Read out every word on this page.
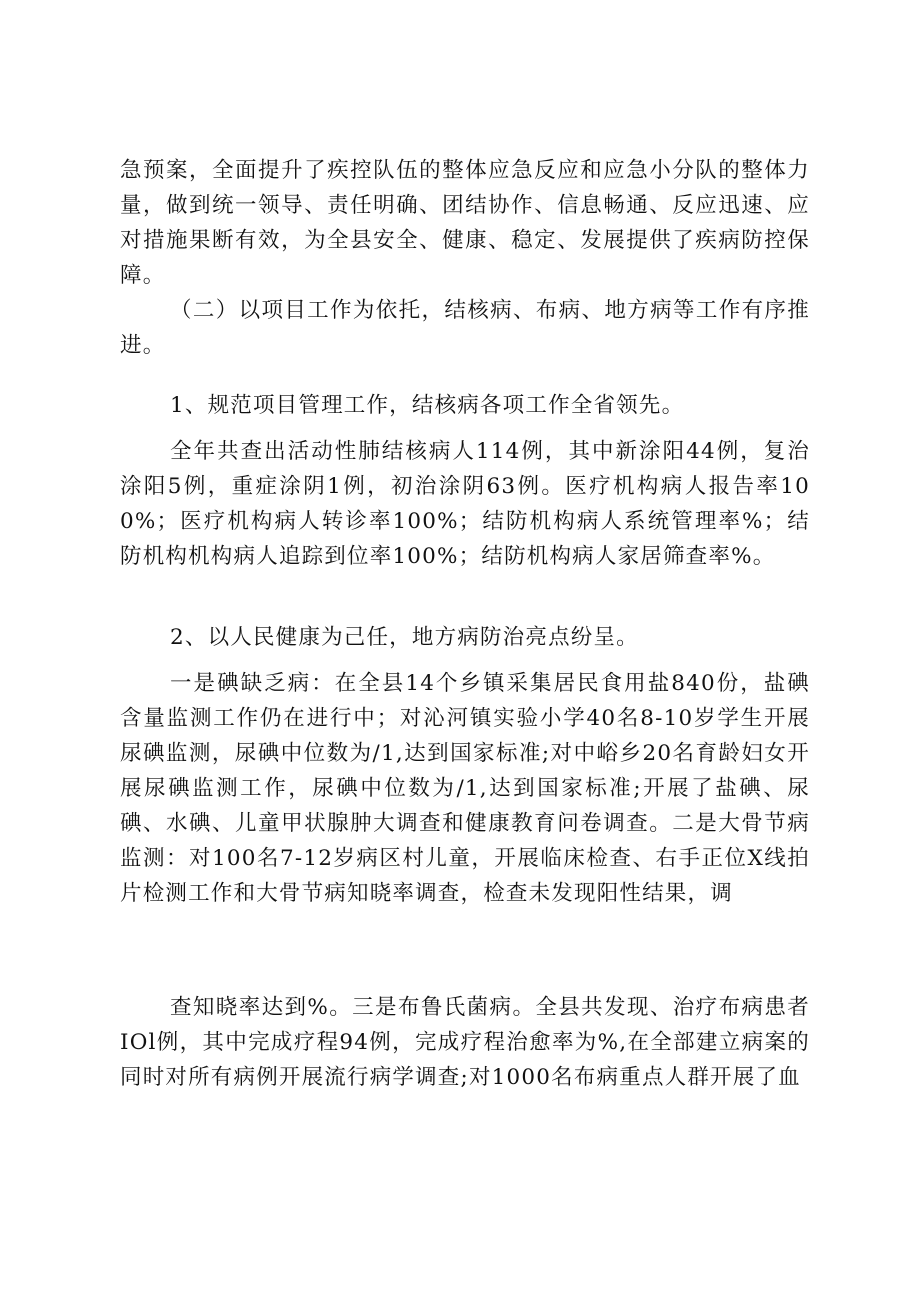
急预案，全面提升了疾控队伍的整体应急反应和应急小分队的整体力量，做到统一领导、责任明确、团结协作、信息畅通、反应迅速、应对措施果断有效，为全县安全、健康、稳定、发展提供了疾病防控保障。

（二）以项目工作为依托，结核病、布病、地方病等工作有序推进。

1、规范项目管理工作，结核病各项工作全省领先。

全年共查出活动性肺结核病人114例，其中新涂阳44例，复治涂阳5例，重症涂阴1例，初治涂阴63例。医疗机构病人报告率100%；医疗机构病人转诊率100%；结防机构病人系统管理率%；结防机构机构病人追踪到位率100%；结防机构病人家居筛查率%。

2、以人民健康为己任，地方病防治亮点纷呈。

一是碘缺乏病：在全县14个乡镇采集居民食用盐840份，盐碘含量监测工作仍在进行中；对沁河镇实验小学40名8-10岁学生开展尿碘监测，尿碘中位数为/1,达到国家标准;对中峪乡20名育龄妇女开展尿碘监测工作，尿碘中位数为/1,达到国家标准;开展了盐碘、尿碘、水碘、儿童甲状腺肿大调查和健康教育问卷调查。二是大骨节病监测：对100名7-12岁病区村儿童，开展临床检查、右手正位X线拍片检测工作和大骨节病知晓率调查，检查未发现阳性结果，调

查知晓率达到%。三是布鲁氏菌病。全县共发现、治疗布病患者IOl例，其中完成疗程94例，完成疗程治愈率为%,在全部建立病案的同时对所有病例开展流行病学调查;对1000名布病重点人群开展了血
